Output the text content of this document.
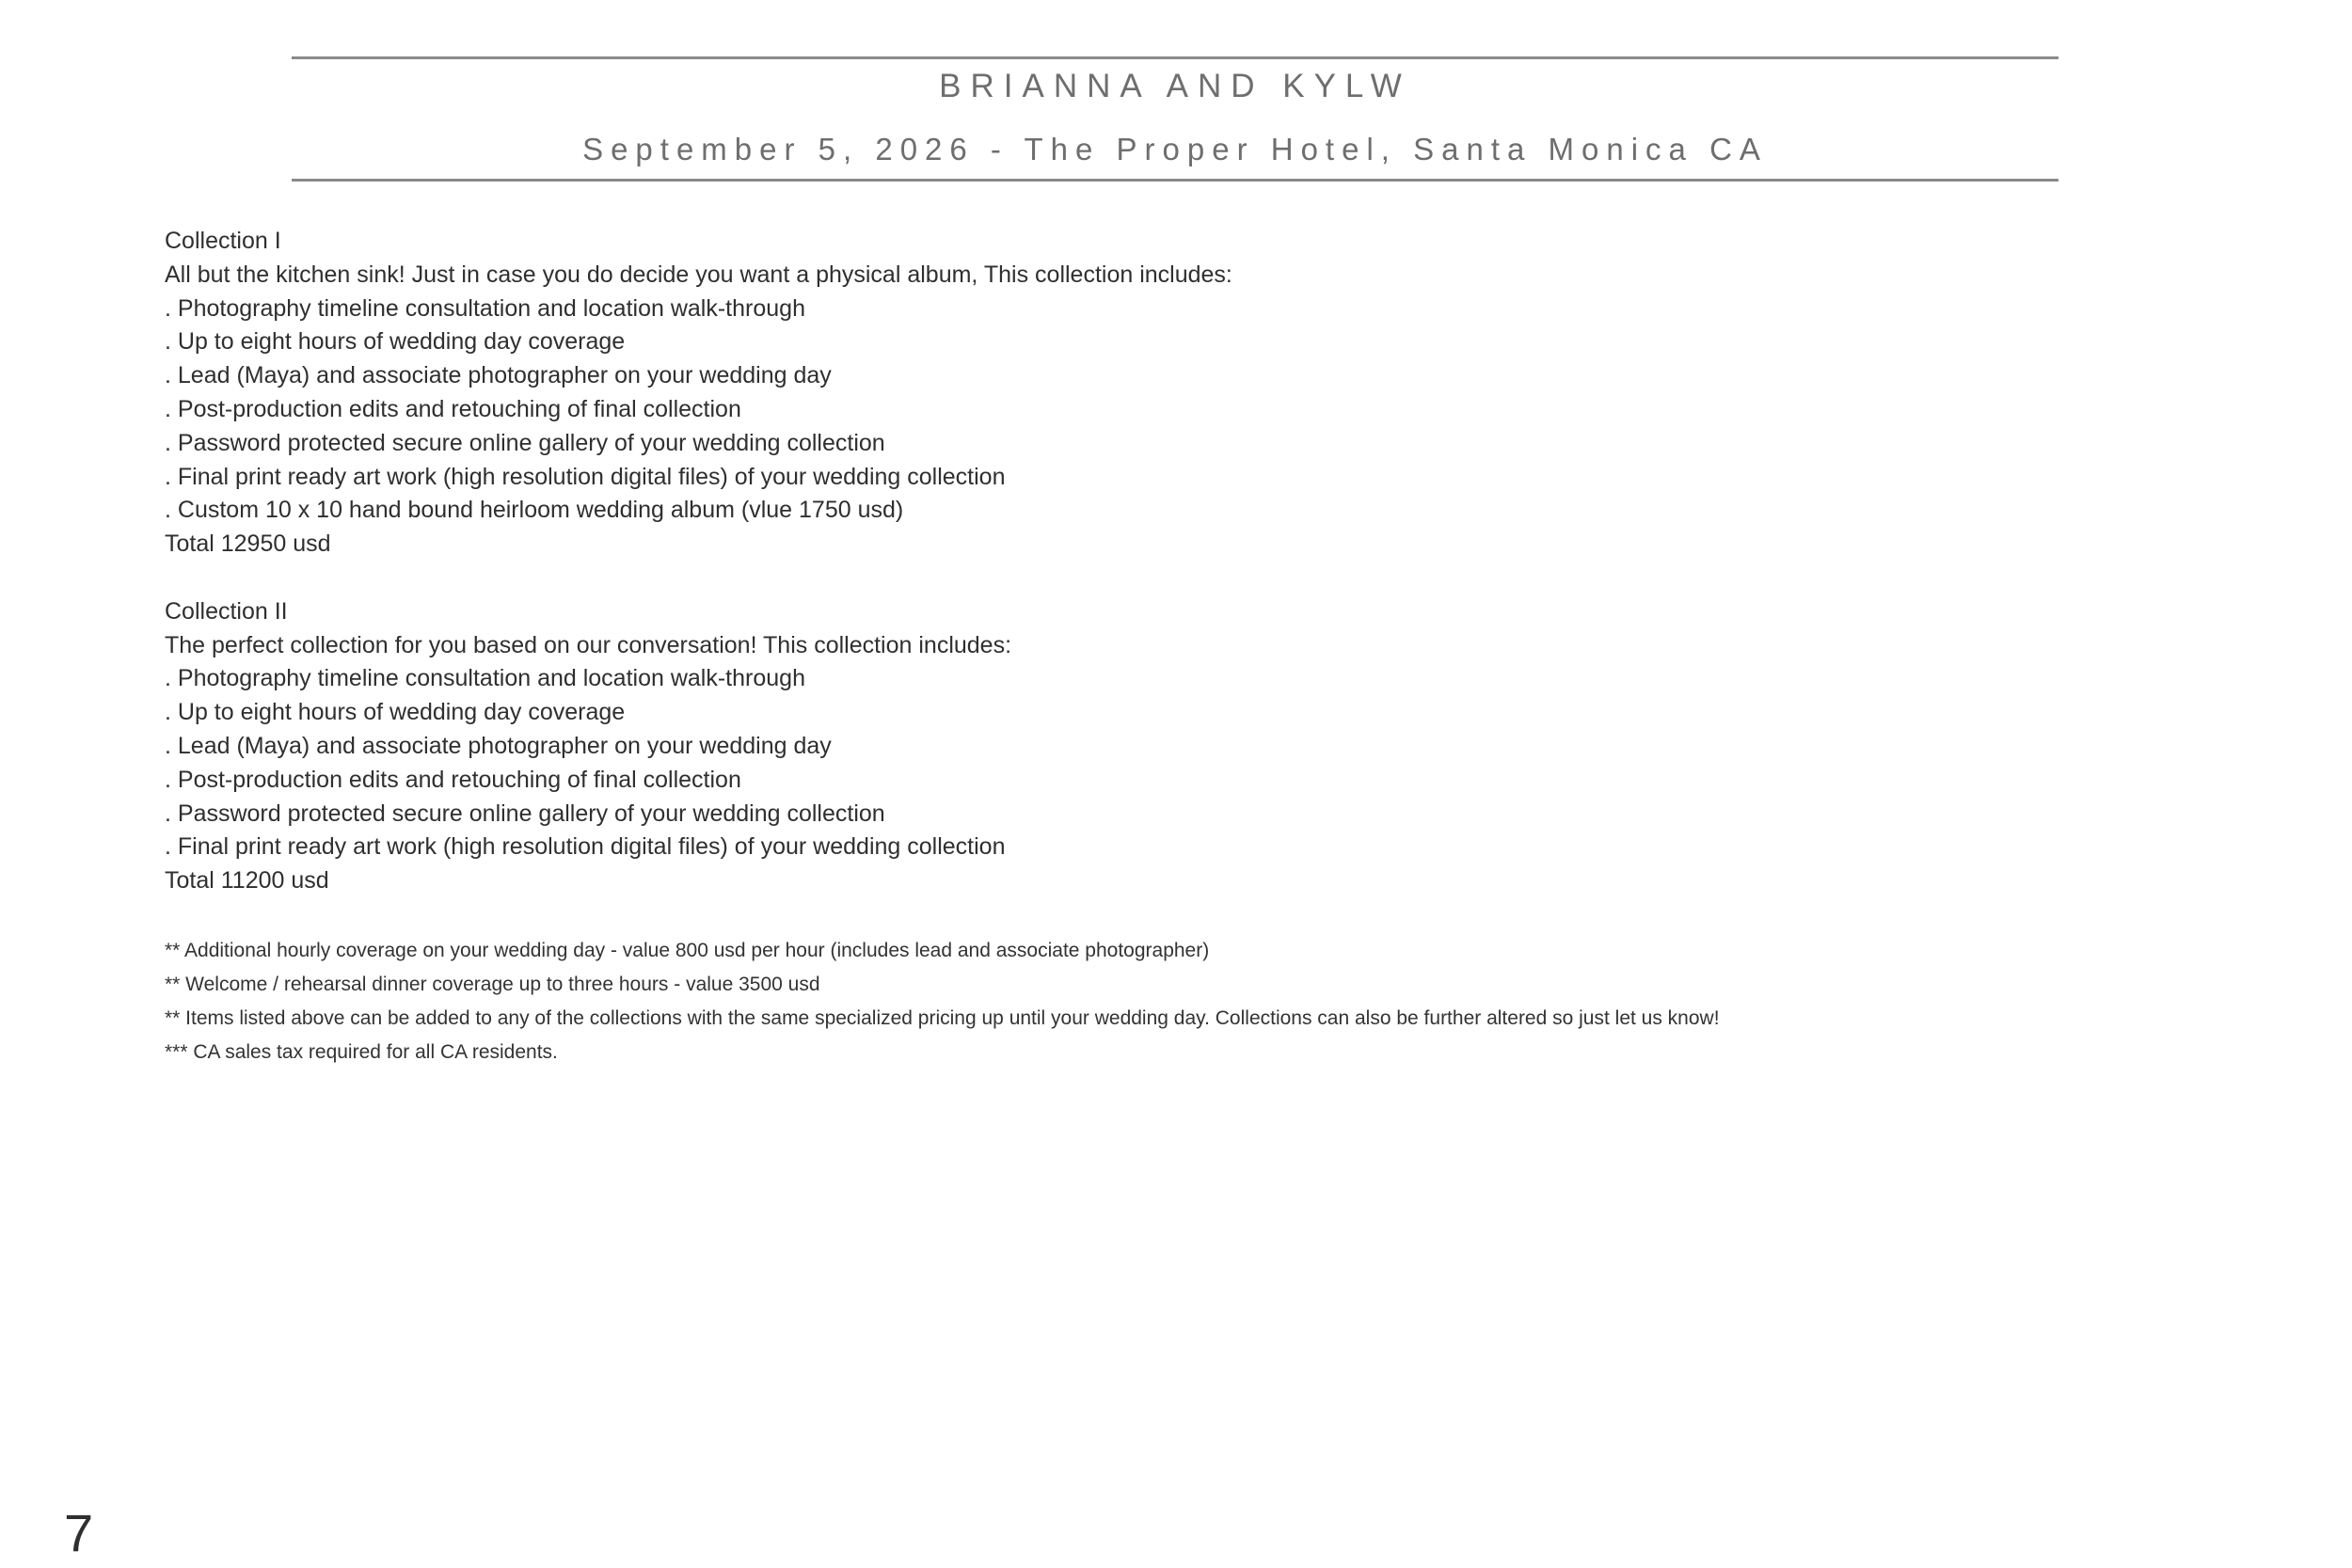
BRIANNA AND KYLW
September 5, 2026 - The Proper Hotel, Santa Monica CA
Collection I
All but the kitchen sink! Just in case you do decide you want a physical album, This collection includes:
. Photography timeline consultation and location walk-through
. Up to eight hours of wedding day coverage
. Lead (Maya) and associate photographer on your wedding day
. Post-production edits and retouching of final collection
. Password protected secure online gallery of your wedding collection
. Final print ready art work (high resolution digital files) of your wedding collection
. Custom 10 x 10 hand bound heirloom wedding album (vlue 1750 usd)
Total 12950 usd
Collection II
The perfect collection for you based on our conversation! This collection includes:
. Photography timeline consultation and location walk-through
. Up to eight hours of wedding day coverage
. Lead (Maya) and associate photographer on your wedding day
. Post-production edits and retouching of final collection
. Password protected secure online gallery of your wedding collection
. Final print ready art work (high resolution digital files) of your wedding collection
Total 11200 usd
** Additional hourly coverage on your wedding day - value 800 usd per hour (includes lead and associate photographer)
** Welcome / rehearsal dinner coverage up to three hours - value 3500 usd
** Items listed above can be added to any of the collections with the same specialized pricing up until your wedding day. Collections can also be further altered so just let us know!
*** CA sales tax required for all CA residents.
7
